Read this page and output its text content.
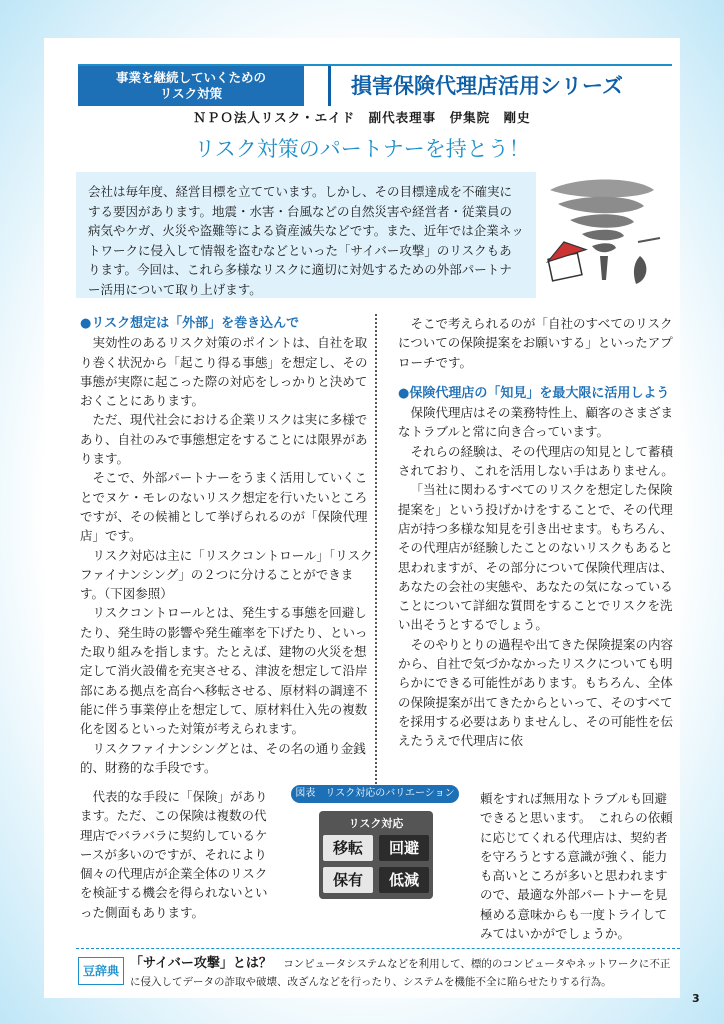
事業を継続していくための
リスク対策	損害保険代理店活用シリーズ
ＮＰＯ法人リスク・エイド　副代表理事　伊集院　剛史
リスク対策のパートナーを持とう！
会社は毎年度、経営目標を立てています。しかし、その目標達成を不確実にする要因があります。地震・水害・台風などの自然災害や経営者・従業員の病気やケガ、火災や盗難等による資産滅失などです。また、近年では企業ネットワークに侵入して情報を盗むなどといった「サイバー攻撃」のリスクもあります。今回は、これら多様なリスクに適切に対処するための外部パートナー活用について取り上げます。
●リスク想定は「外部」を巻き込んで

実効性のあるリスク対策のポイントは、自社を取り巻く状況から「起こり得る事態」を想定し、その事態が実際に起こった際の対応をしっかりと決めておくことにあります。

ただ、現代社会における企業リスクは実に多様であり、自社のみで事態想定をすることには限界があります。

そこで、外部パートナーをうまく活用していくことでヌケ・モレのないリスク想定を行いたいところですが、その候補として挙げられるのが「保険代理店」です。

リスク対応は主に「リスクコントロール」「リスクファイナンシング」の２つに分けることができます。（下図参照）

リスクコントロールとは、発生する事態を回避したり、発生時の影響や発生確率を下げたり、といった取り組みを指します。たとえば、建物の火災を想定して消火設備を充実させる、津波を想定して沿岸部にある拠点を高台へ移転させる、原材料の調達不能に伴う事業停止を想定して、原材料仕入先の複数化を図るといった対策が考えられます。

リスクファイナンシングとは、その名の通り金銭的、財務的な手段です。

そこで考えられるのが「自社のすべてのリスクについての保険提案をお願いする」といったアプローチです。

●保険代理店の「知見」を最大限に活用しよう

保険代理店はその業務特性上、顧客のさまざまなトラブルと常に向き合っています。

それらの経験は、その代理店の知見として蓄積されており、これを活用しない手はありません。

「当社に関わるすべてのリスクを想定した保険提案を」という投げかけをすることで、その代理店が持つ多様な知見を引き出せます。もちろん、その代理店が経験したことのないリスクもあると思われますが、その部分について保険代理店は、あなたの会社の実態や、あなたの気になっていることについて詳細な質問をすることでリスクを洗い出そうとするでしょう。

そのやりとりの過程や出てきた保険提案の内容から、自社で気づかなかったリスクについても明らかにできる可能性があります。もちろん、全体の保険提案が出てきたからといって、そのすべてを採用する必要はありませんし、その可能性を伝えたうえで代理店に依

代表的な手段に「保険」があります。ただ、この保険は複数の代理店でバラバラに契約しているケースが多いのですが、それにより個々の代理店が企業全体のリスクを検証する機会を得られないといった側面もあります。

図表　リスク対応のバリエーション
リスク対応
移転	回避
保有	低減

頼をすれば無用なトラブルも回避できると思います。　これらの依頼に応じてくれる代理店は、契約者を守ろうとする意識が強く、能力も高いところが多いと思われますので、最適な外部パートナーを見極める意味からも一度トライしてみてはいかがでしょうか。

豆辞典 「サイバー攻撃」とは？ コンピュータシステムなどを利用して、標的のコンピュータやネットワークに不正に侵入してデータの詐取や破壊、改ざんなどを行ったり、システムを機能不全に陥らせたりする行為。
3
